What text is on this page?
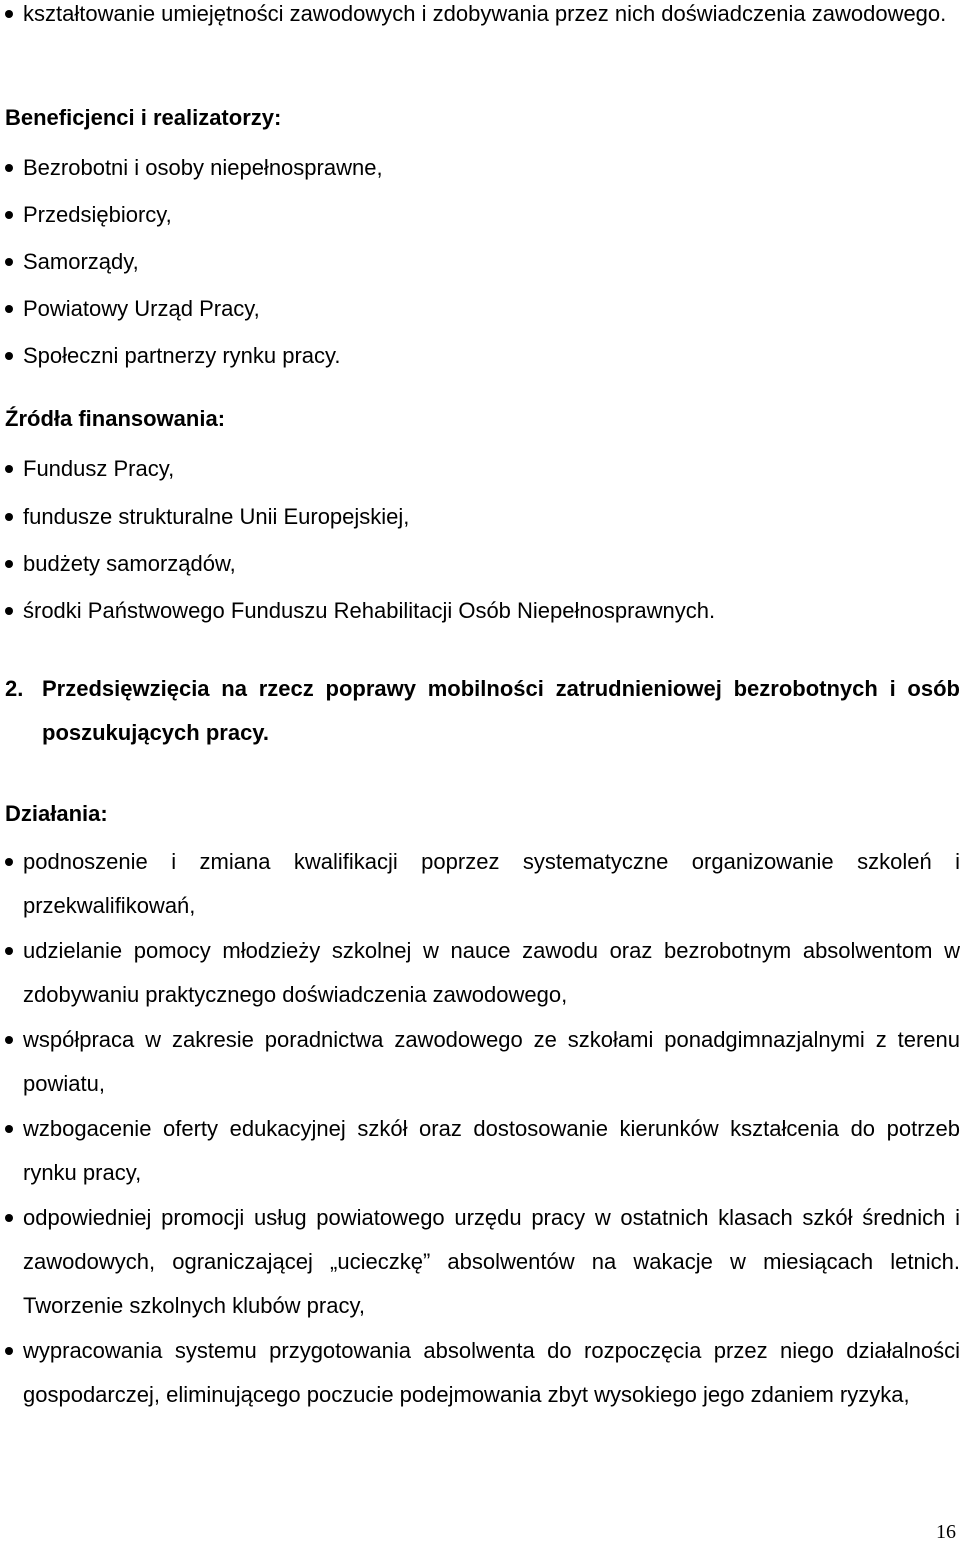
kształtowanie umiejętności zawodowych i zdobywania przez nich doświadczenia zawodowego.
Beneficjenci i realizatorzy:
Bezrobotni i osoby niepełnosprawne,
Przedsiębiorcy,
Samorządy,
Powiatowy Urząd Pracy,
Społeczni partnerzy rynku pracy.
Źródła finansowania:
Fundusz Pracy,
fundusze strukturalne Unii Europejskiej,
budżety samorządów,
środki Państwowego Funduszu Rehabilitacji Osób Niepełnosprawnych.
2. Przedsięwzięcia na rzecz poprawy mobilności zatrudnieniowej bezrobotnych i osób poszukujących pracy.
Działania:
podnoszenie i zmiana kwalifikacji poprzez systematyczne organizowanie szkoleń i przekwalifikowań,
udzielanie pomocy młodzieży szkolnej w nauce zawodu oraz bezrobotnym absolwentom w zdobywaniu praktycznego doświadczenia zawodowego,
współpraca w zakresie poradnictwa zawodowego ze szkołami ponadgimnazjalnymi z terenu powiatu,
wzbogacenie oferty edukacyjnej szkół oraz dostosowanie kierunków kształcenia do potrzeb rynku pracy,
odpowiedniej promocji usług powiatowego urzędu pracy w ostatnich klasach szkół średnich i zawodowych, ograniczającej „ucieczkę” absolwentów na wakacje w miesiącach letnich. Tworzenie szkolnych klubów pracy,
wypracowania systemu przygotowania absolwenta do rozpoczęcia przez niego działalności gospodarczej, eliminującego poczucie podejmowania zbyt wysokiego jego zdaniem ryzyka,
16
